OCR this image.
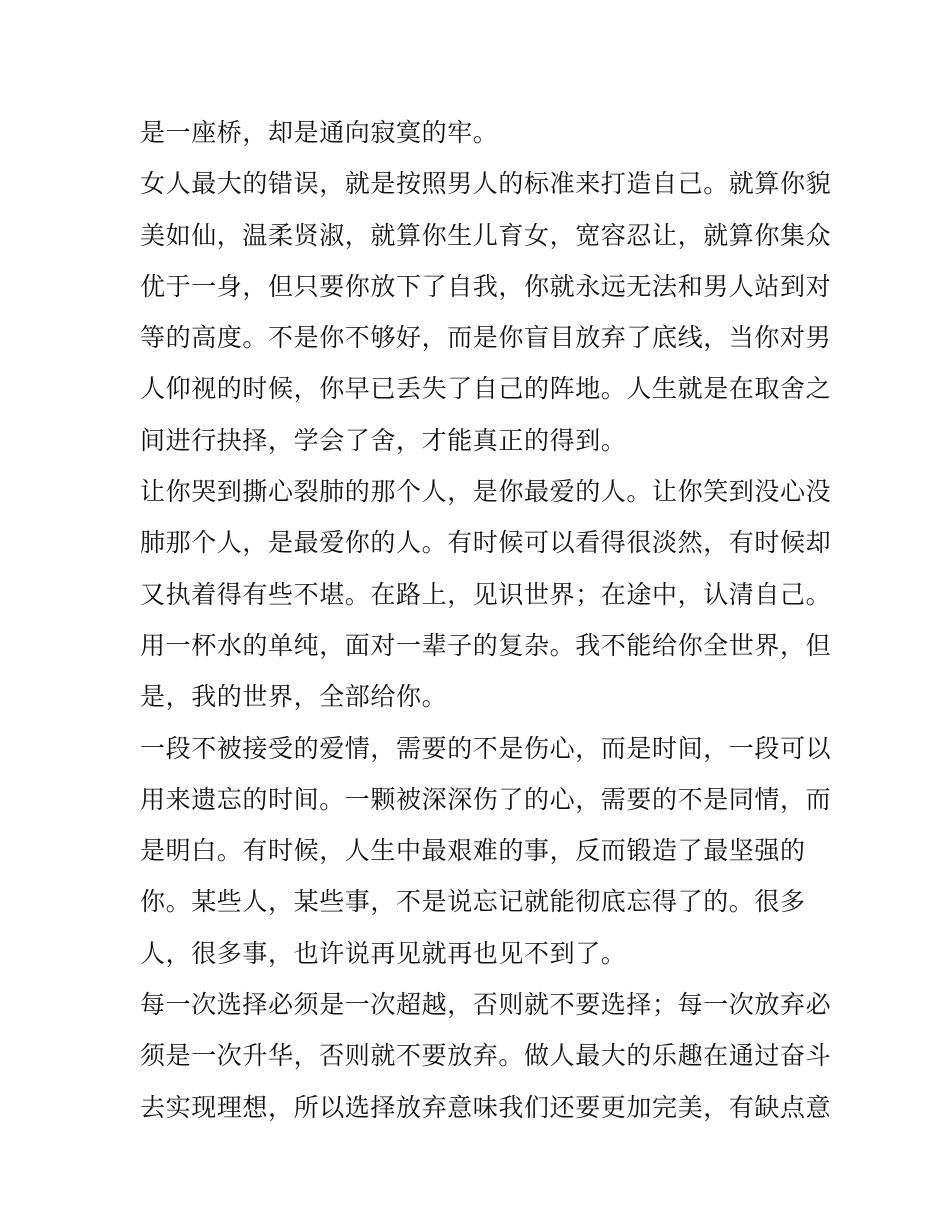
是一座桥，却是通向寂寞的牢。
女人最大的错误，就是按照男人的标准来打造自己。就算你貌
美如仙，温柔贤淑，就算你生儿育女，宽容忍让，就算你集众
优于一身，但只要你放下了自我，你就永远无法和男人站到对
等的高度。不是你不够好，而是你盲目放弃了底线，当你对男
人仰视的时候，你早已丢失了自己的阵地。人生就是在取舍之
间进行抉择，学会了舍，才能真正的得到。
让你哭到撕心裂肺的那个人，是你最爱的人。让你笑到没心没
肺那个人，是最爱你的人。有时候可以看得很淡然，有时候却
又执着得有些不堪。在路上，见识世界；在途中，认清自己。
用一杯水的单纯，面对一辈子的复杂。我不能给你全世界，但
是，我的世界，全部给你。
一段不被接受的爱情，需要的不是伤心，而是时间，一段可以
用来遗忘的时间。一颗被深深伤了的心，需要的不是同情，而
是明白。有时候，人生中最艰难的事，反而锻造了最坚强的
你。某些人，某些事，不是说忘记就能彻底忘得了的。很多
人，很多事，也许说再见就再也见不到了。
每一次选择必须是一次超越，否则就不要选择；每一次放弃必
须是一次升华，否则就不要放弃。做人最大的乐趣在通过奋斗
去实现理想，所以选择放弃意味我们还要更加完美，有缺点意
